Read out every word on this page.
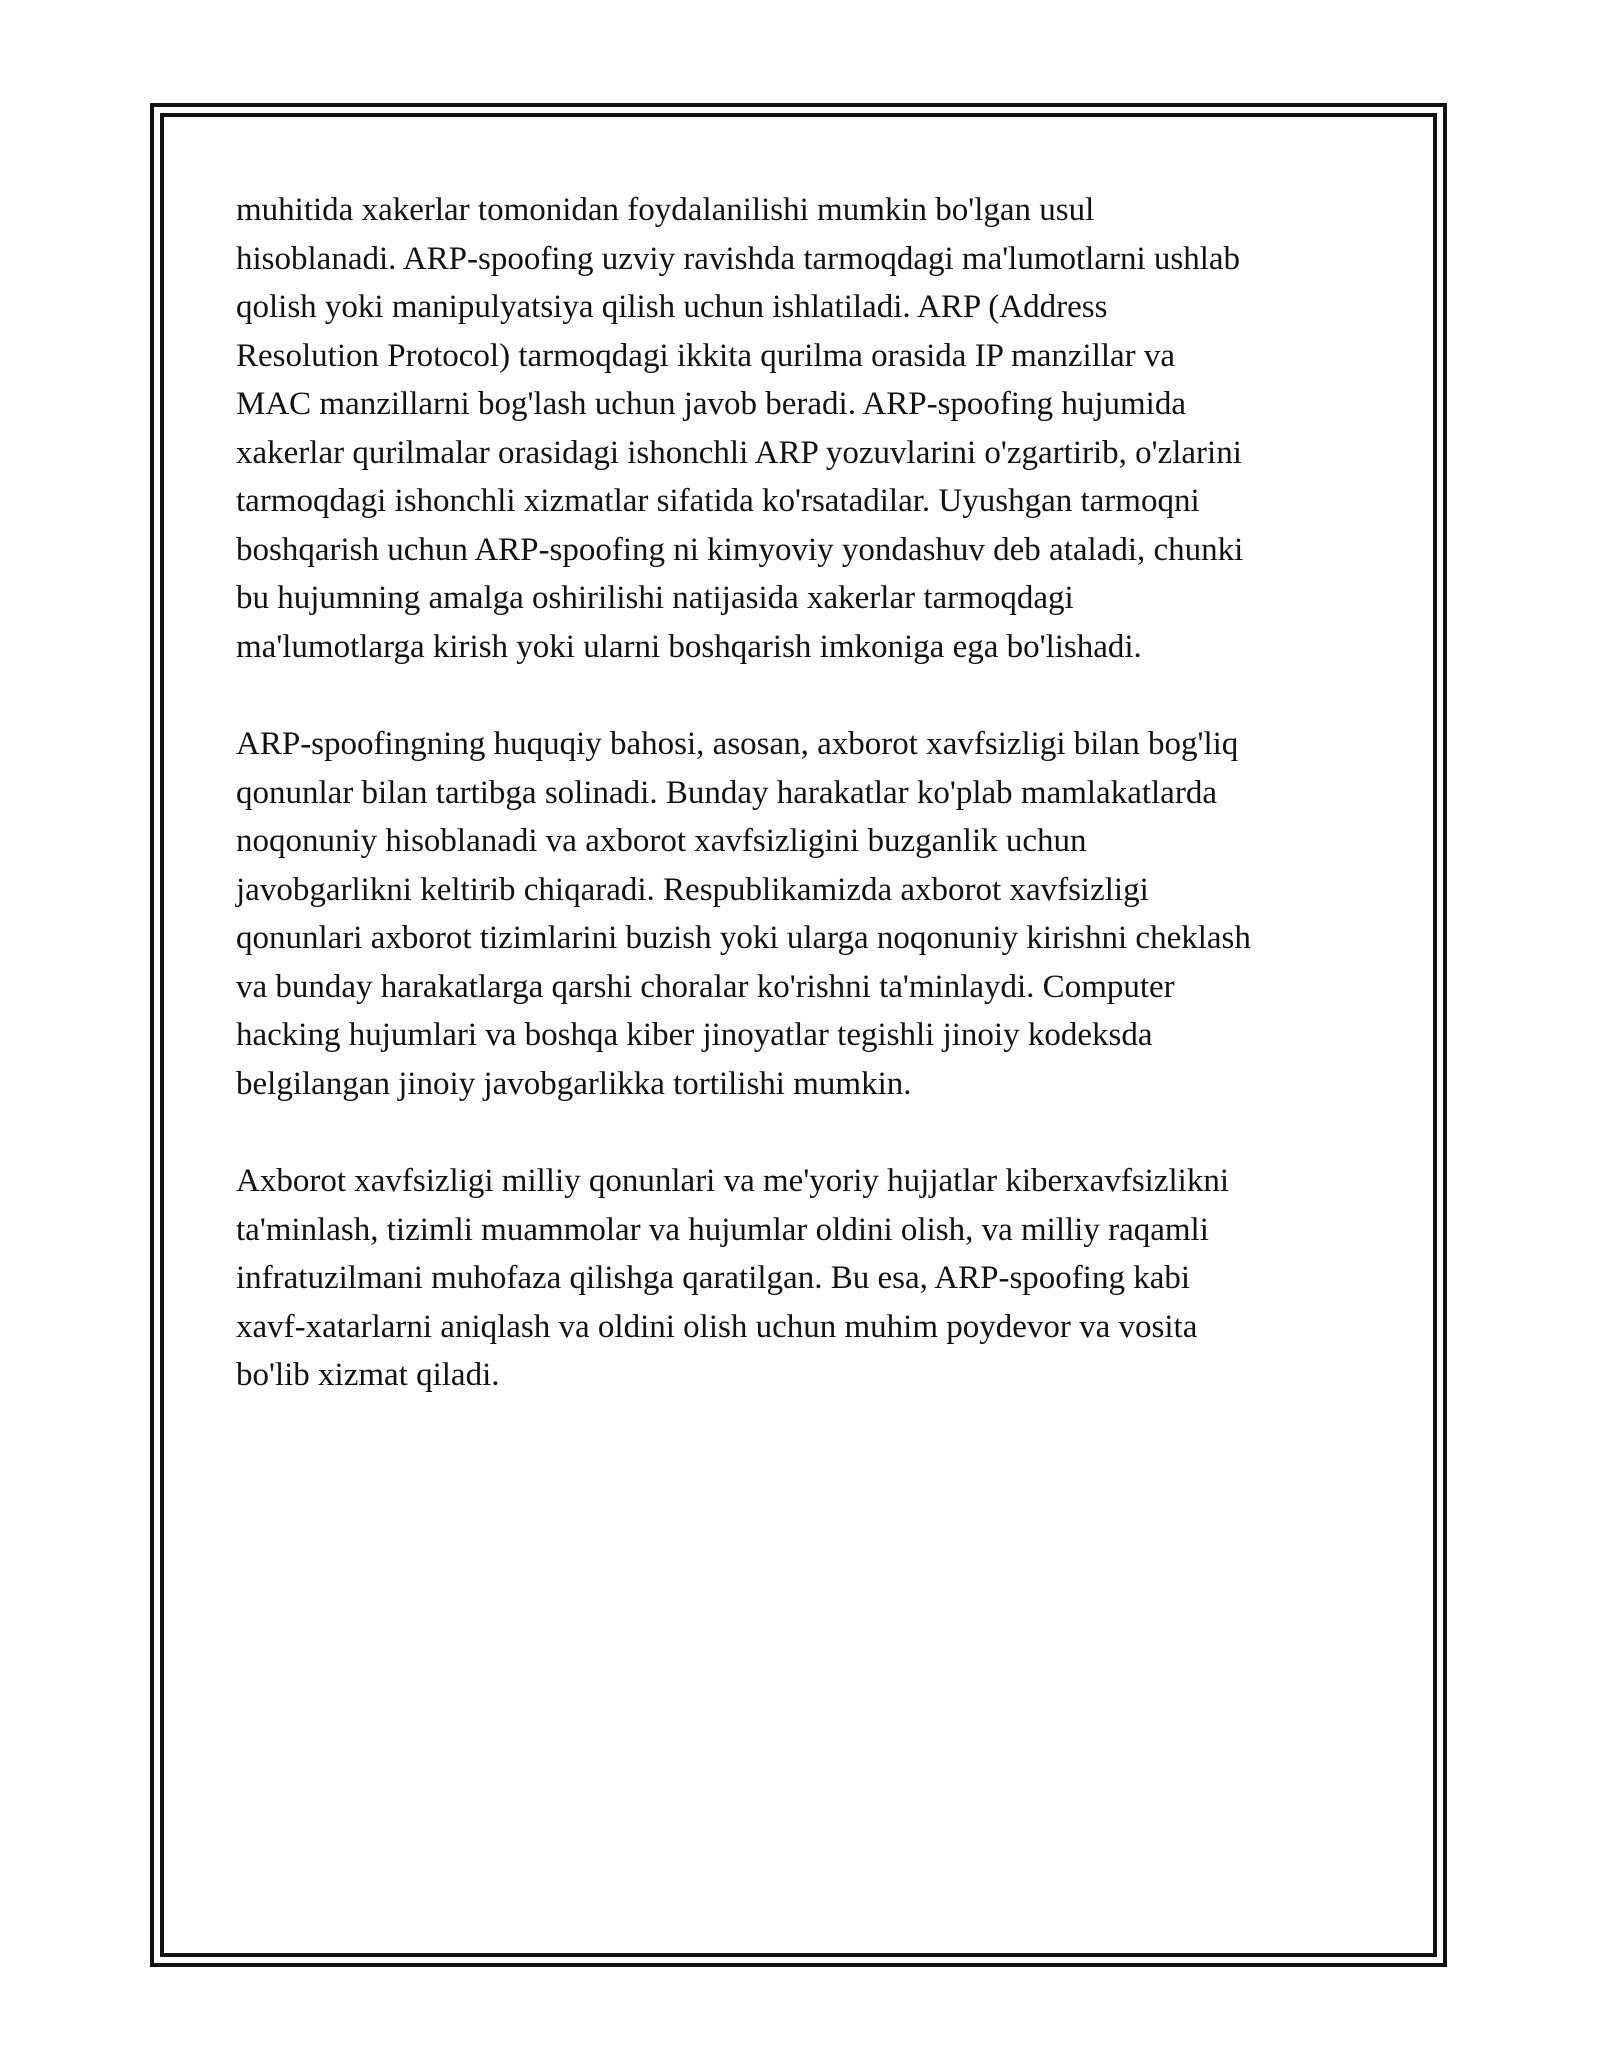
muhitida xakerlar tomonidan foydalanilishi mumkin bo'lgan usul
hisoblanadi. ARP-spoofing uzviy ravishda tarmoqdagi ma'lumotlarni ushlab
qolish yoki manipulyatsiya qilish uchun ishlatiladi. ARP (Address
Resolution Protocol) tarmoqdagi ikkita qurilma orasida IP manzillar va
MAC manzillarni bog'lash uchun javob beradi. ARP-spoofing hujumida
xakerlar qurilmalar orasidagi ishonchli ARP yozuvlarini o'zgartirib, o'zlarini
tarmoqdagi ishonchli xizmatlar sifatida ko'rsatadilar. Uyushgan tarmoqni
boshqarish uchun ARP-spoofing ni kimyoviy yondashuv deb ataladi, chunki
bu hujumning amalga oshirilishi natijasida xakerlar tarmoqdagi
ma'lumotlarga kirish yoki ularni boshqarish imkoniga ega bo'lishadi.
ARP-spoofingning huquqiy bahosi, asosan, axborot xavfsizligi bilan bog'liq
qonunlar bilan tartibga solinadi. Bunday harakatlar ko'plab mamlakatlarda
noqonuniy hisoblanadi va axborot xavfsizligini buzganlik uchun
javobgarlikni keltirib chiqaradi. Respublikamizda axborot xavfsizligi
qonunlari axborot tizimlarini buzish yoki ularga noqonuniy kirishni cheklash
va bunday harakatlarga qarshi choralar ko'rishni ta'minlaydi. Computer
hacking hujumlari va boshqa kiber jinoyatlar tegishli jinoiy kodeksda
belgilangan jinoiy javobgarlikka tortilishi mumkin.
Axborot xavfsizligi milliy qonunlari va me'yoriy hujjatlar kiberxavfsizlikni
ta'minlash, tizimli muammolar va hujumlar oldini olish, va milliy raqamli
infratuzilmani muhofaza qilishga qaratilgan. Bu esa, ARP-spoofing kabi
xavf-xatarlarni aniqlash va oldini olish uchun muhim poydevor va vosita
bo'lib xizmat qiladi.
